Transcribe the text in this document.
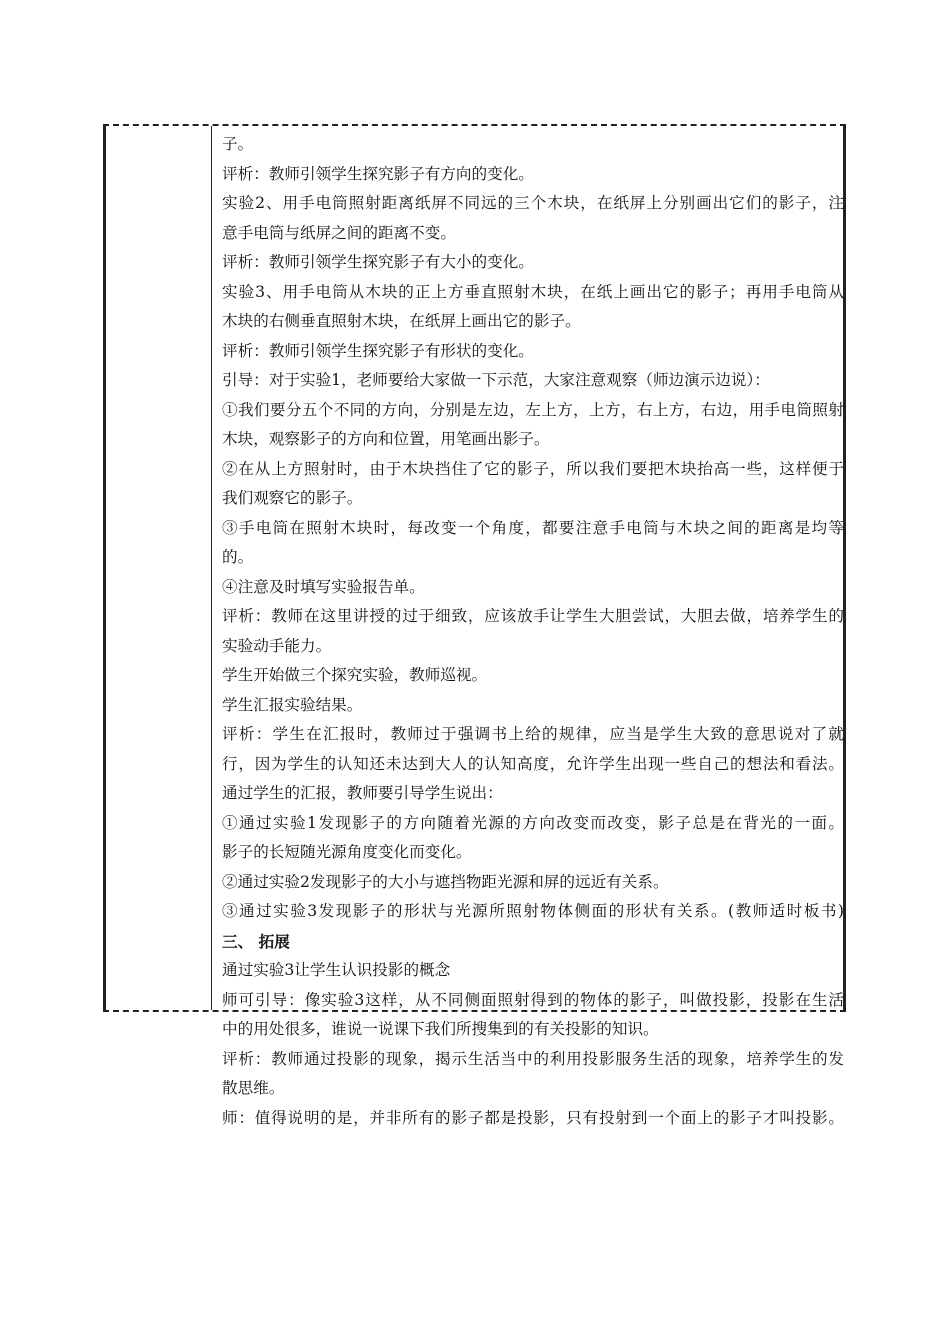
子。
评析：教师引领学生探究影子有方向的变化。
实验2、用手电筒照射距离纸屏不同远的三个木块，在纸屏上分别画出它们的影子，注
意手电筒与纸屏之间的距离不变。
评析：教师引领学生探究影子有大小的变化。
实验3、用手电筒从木块的正上方垂直照射木块，在纸上画出它的影子；再用手电筒从
木块的右侧垂直照射木块，在纸屏上画出它的影子。
评析：教师引领学生探究影子有形状的变化。
引导：对于实验1，老师要给大家做一下示范，大家注意观察（师边演示边说）：
①我们要分五个不同的方向，分别是左边，左上方，上方，右上方，右边，用手电筒照射
木块，观察影子的方向和位置，用笔画出影子。
②在从上方照射时，由于木块挡住了它的影子，所以我们要把木块抬高一些，这样便于
我们观察它的影子。
③手电筒在照射木块时，每改变一个角度，都要注意手电筒与木块之间的距离是均等
的。
④注意及时填写实验报告单。
评析：教师在这里讲授的过于细致，应该放手让学生大胆尝试，大胆去做，培养学生的
实验动手能力。
学生开始做三个探究实验，教师巡视。
学生汇报实验结果。
评析：学生在汇报时，教师过于强调书上给的规律，应当是学生大致的意思说对了就
行，因为学生的认知还未达到大人的认知高度，允许学生出现一些自己的想法和看法。
通过学生的汇报，教师要引导学生说出：
①通过实验1发现影子的方向随着光源的方向改变而改变，影子总是在背光的一面。
影子的长短随光源角度变化而变化。
②通过实验2发现影子的大小与遮挡物距光源和屏的远近有关系。
③通过实验3发现影子的形状与光源所照射物体侧面的形状有关系。(教师适时板书)
三、 拓展
通过实验3让学生认识投影的概念
师可引导：像实验3这样，从不同侧面照射得到的物体的影子，叫做投影，投影在生活
中的用处很多，谁说一说课下我们所搜集到的有关投影的知识。
评析：教师通过投影的现象，揭示生活当中的利用投影服务生活的现象，培养学生的发
散思维。
师：值得说明的是，并非所有的影子都是投影，只有投射到一个面上的影子才叫投影。
